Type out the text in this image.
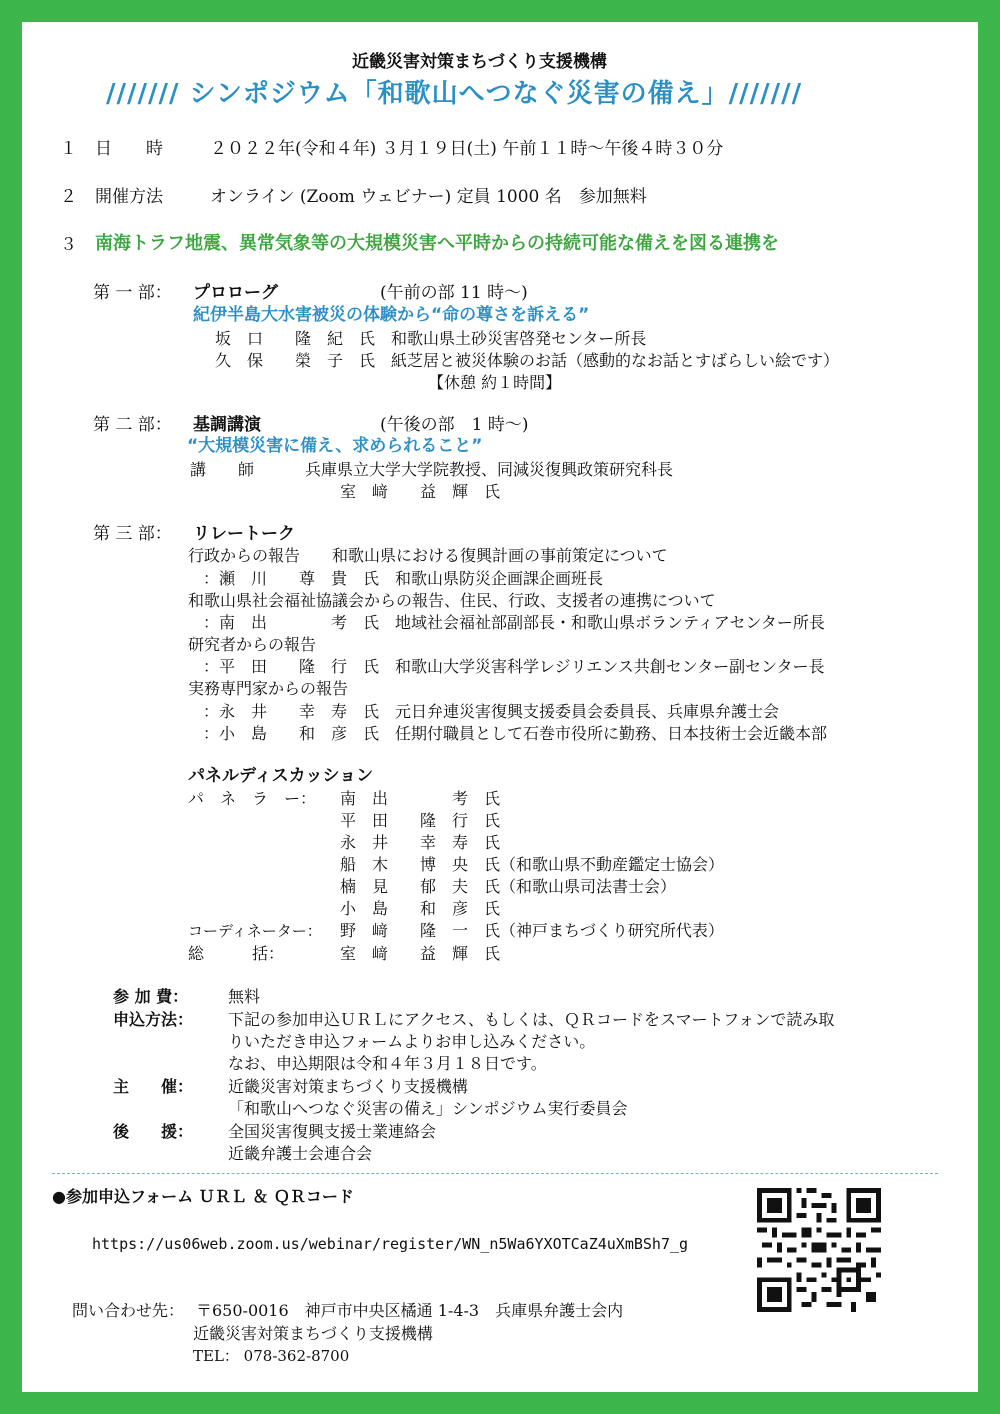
近畿災害対策まちづくり支援機構
/////// シンポジウム「和歌山へつなぐ災害の備え」///////
１ 日　　時	２０２２年(令和４年) ３月１９日(土) 午前１１時〜午後４時３０分
２ 開催方法	オンライン (Zoom ウェビナー) 定員 1000 名　参加無料
３ 南海トラフ地震、異常気象等の大規模災害へ平時からの持続可能な備えを図る連携を
第 一 部： プロローグ	(午前の部 11 時〜)
紀伊半島大水害被災の体験から“命の尊さを訴える”
坂　口　　隆　紀　氏　和歌山県土砂災害啓発センター所長
久　保　　榮　子　氏　紙芝居と被災体験のお話（感動的なお話とすばらしい絵です）
【休憩 約１時間】
第 二 部： 基調講演	(午後の部　1 時〜)
“大規模災害に備え、求められること”
講　　師	兵庫県立大学大学院教授、同減災復興政策研究科長
室　﨑　　益　輝　氏
第 三 部： リレートーク
行政からの報告　　和歌山県における復興計画の事前策定について
：瀬　川　　尊　貴　氏　和歌山県防災企画課企画班長
和歌山県社会福祉協議会からの報告、住民、行政、支援者の連携について
：南　出　　　　考　氏　地域社会福祉部副部長・和歌山県ボランティアセンター所長
研究者からの報告
：平　田　　隆　行　氏　和歌山大学災害科学レジリエンス共創センター副センター長
実務専門家からの報告
：永　井　　幸　寿　氏　元日弁連災害復興支援委員会委員長、兵庫県弁護士会
：小　島　　和　彦　氏　任期付職員として石巻市役所に勤務、日本技術士会近畿本部
パネルディスカッション
パ　ネ　ラ　ー： 南　出　　　　考　氏
平　田　　隆　行　氏
永　井　　幸　寿　氏
船　木　　博　央　氏（和歌山県不動産鑑定士協会）
楠　見　　郁　夫　氏（和歌山県司法書士会）
小　島　　和　彦　氏
コーディネーター： 野　﨑　　隆　一　氏（神戸まちづくり研究所代表）
総　　　括：	室　﨑　　益　輝　氏
参 加 費： 無料
申込方法： 下記の参加申込ＵＲＬにアクセス、もしくは、ＱＲコードをスマートフォンで読み取
りいただき申込フォームよりお申し込みください。
なお、申込期限は令和４年３月１８日です。
主　　催： 近畿災害対策まちづくり支援機構
「和歌山へつなぐ災害の備え」シンポジウム実行委員会
後　　援： 全国災害復興支援士業連絡会
近畿弁護士会連合会
●参加申込フォーム ＵＲＬ ＆ ＱＲコード
https://us06web.zoom.us/webinar/register/WN_n5Wa6YXOTCaZ4uXmBSh7_g
問い合わせ先： 〒650-0016　神戸市中央区橘通 1-4-3　兵庫県弁護士会内
近畿災害対策まちづくり支援機構
TEL： 078-362-8700
